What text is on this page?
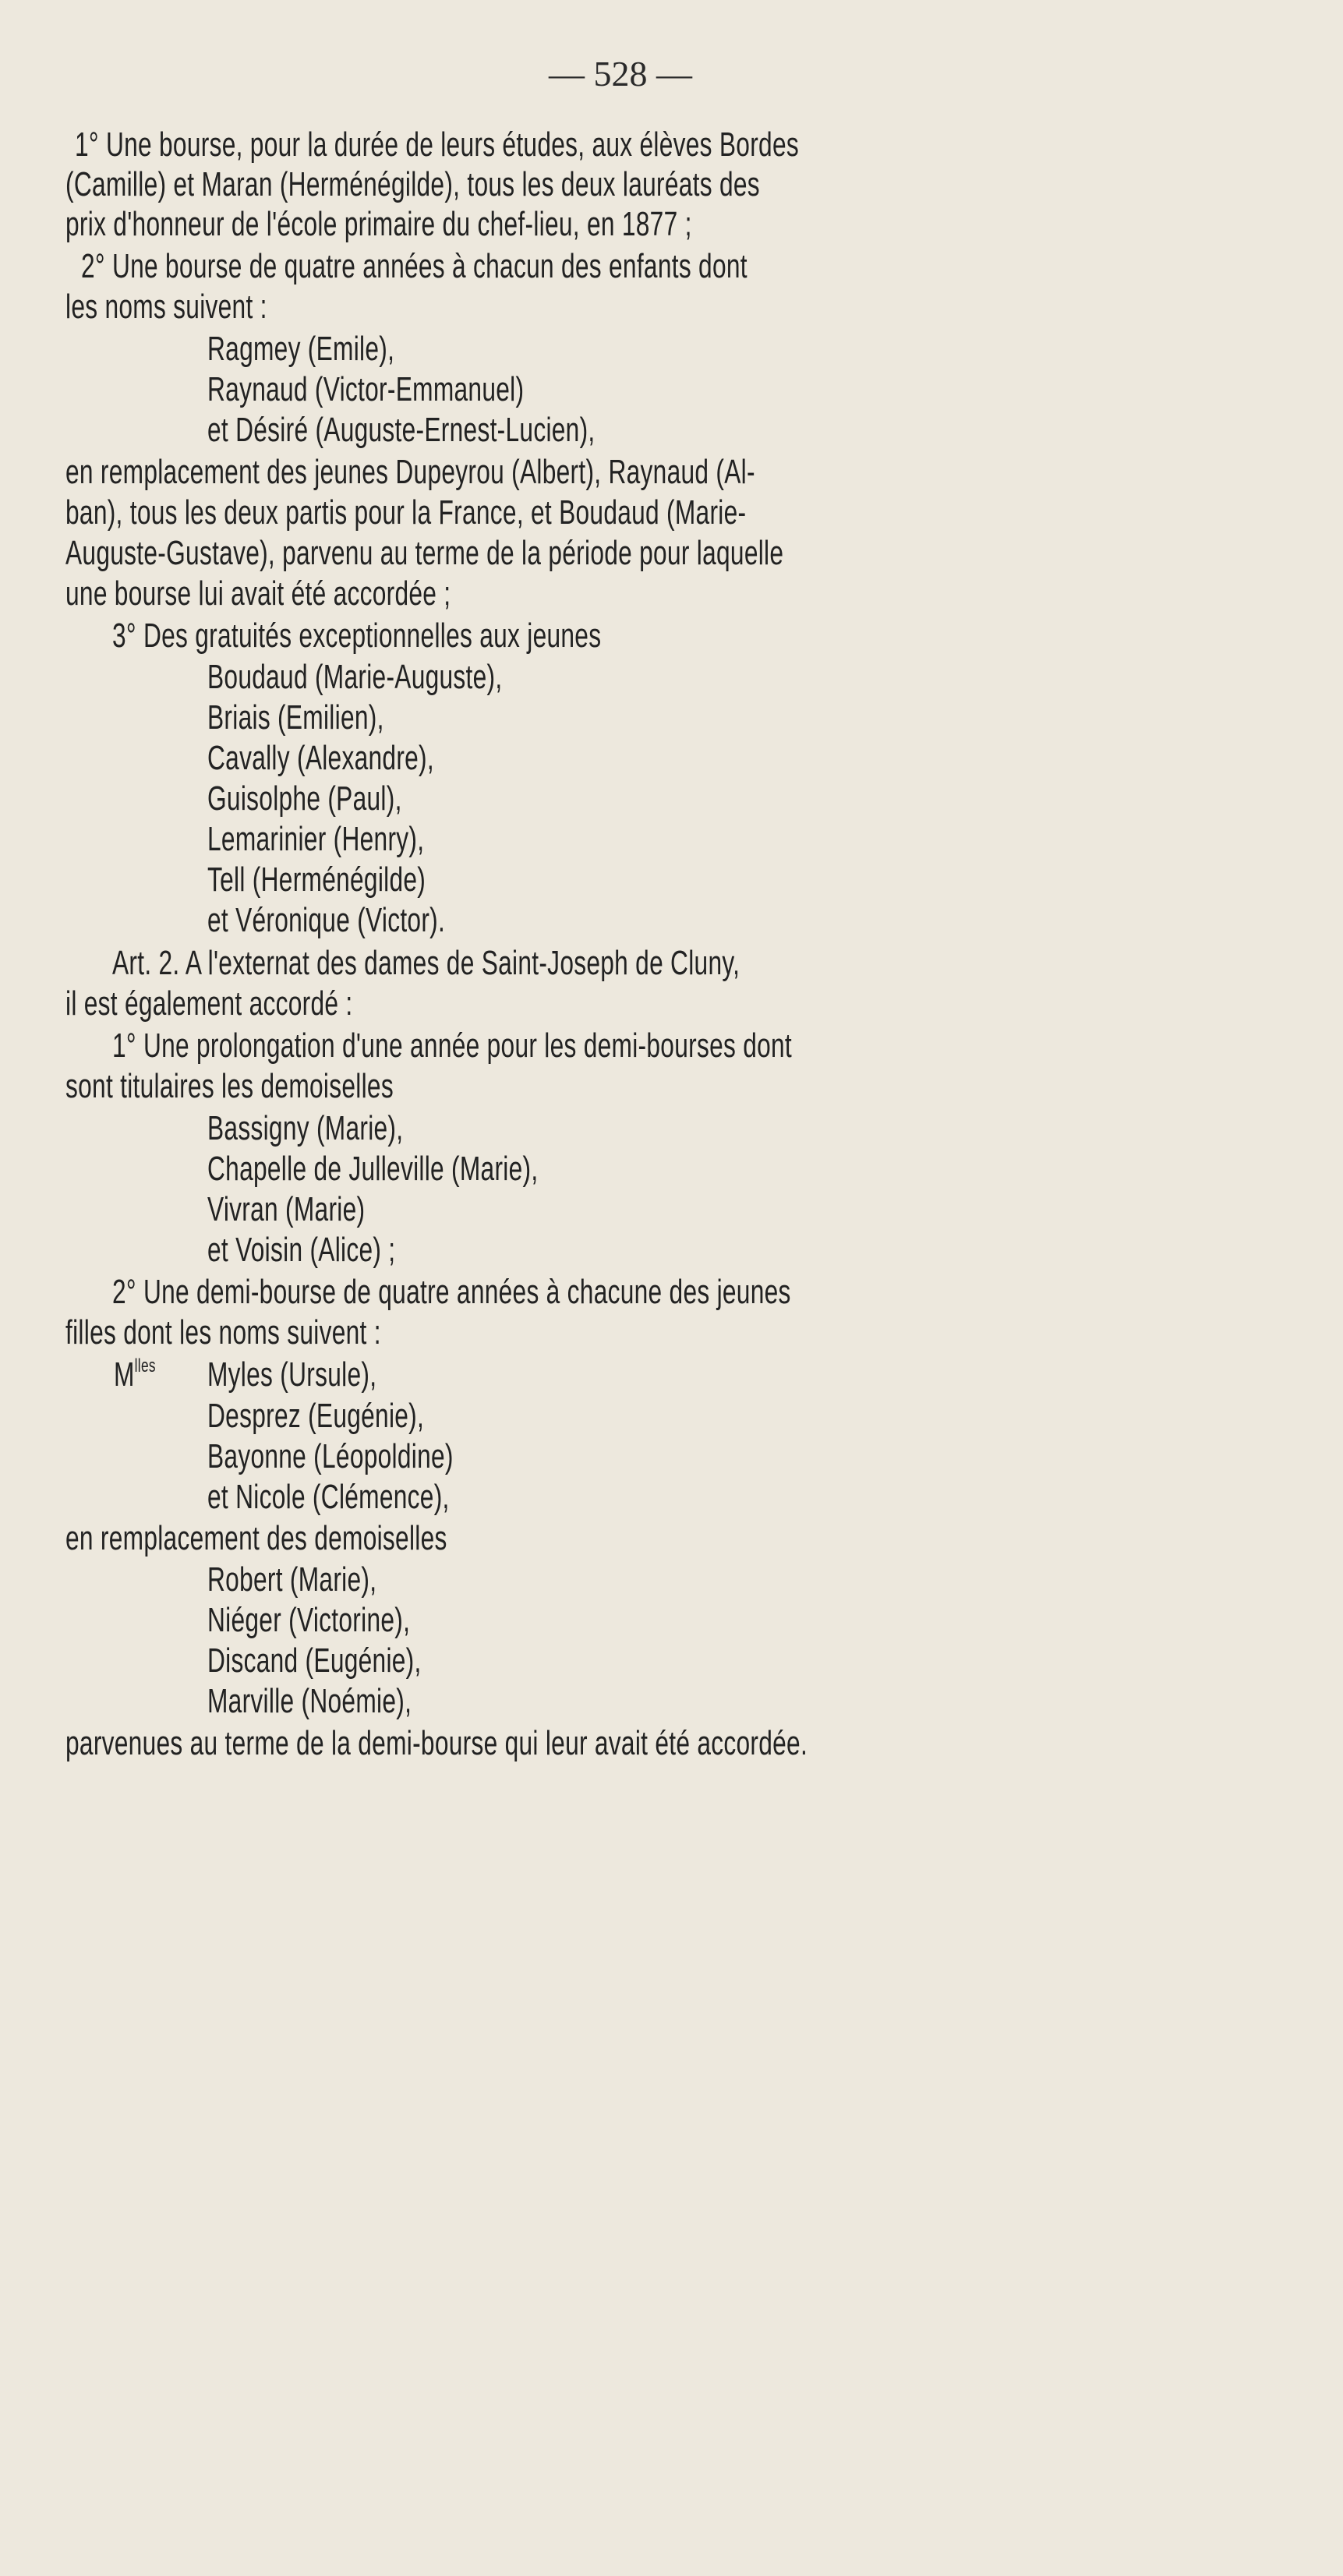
— 528 —
1° Une bourse, pour la durée de leurs études, aux élèves Bordes
(Camille) et Maran (Herménégilde), tous les deux lauréats des
prix d'honneur de l'école primaire du chef-lieu, en 1877 ;
2° Une bourse de quatre années à chacun des enfants dont
les noms suivent :
Ragmey (Emile),
Raynaud (Victor-Emmanuel)
et Désiré (Auguste-Ernest-Lucien),
en remplacement des jeunes Dupeyrou (Albert), Raynaud (Al-
ban), tous les deux partis pour la France, et Boudaud (Marie-
Auguste-Gustave), parvenu au terme de la période pour laquelle
une bourse lui avait été accordée ;
3° Des gratuités exceptionnelles aux jeunes
Boudaud (Marie-Auguste),
Briais (Emilien),
Cavally (Alexandre),
Guisolphe (Paul),
Lemarinier (Henry),
Tell (Herménégilde)
et Véronique (Victor).
Art. 2. A l'externat des dames de Saint-Joseph de Cluny,
il est également accordé :
1° Une prolongation d'une année pour les demi-bourses dont
sont titulaires les demoiselles
Bassigny (Marie),
Chapelle de Julleville (Marie),
Vivran (Marie)
et Voisin (Alice) ;
2° Une demi-bourse de quatre années à chacune des jeunes
filles dont les noms suivent :
$M^{lles}$ Myles (Ursule),
Desprez (Eugénie),
Bayonne (Léopoldine)
et Nicole (Clémence),
en remplacement des demoiselles
Robert (Marie),
Niéger (Victorine),
Discand (Eugénie),
Marville (Noémie),
parvenues au terme de la demi-bourse qui leur avait été accordée.
